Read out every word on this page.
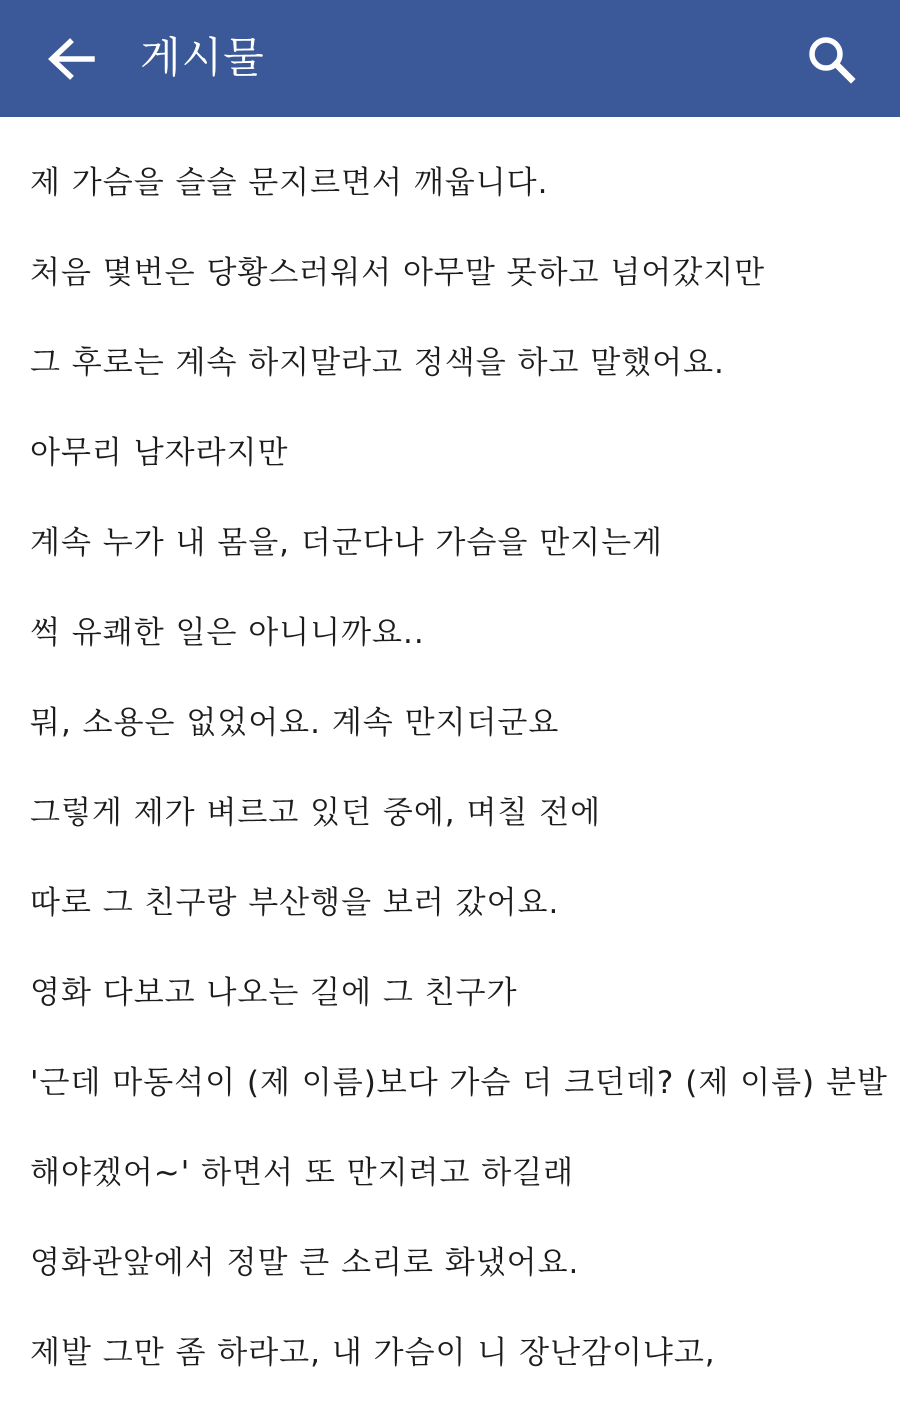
게시물
제 가슴을 슬슬 문지르면서 깨웁니다.
처음 몇번은 당황스러워서 아무말 못하고 넘어갔지만
그 후로는 계속 하지말라고 정색을 하고 말했어요.
아무리 남자라지만
계속 누가 내 몸을, 더군다나 가슴을 만지는게
썩 유쾌한 일은 아니니까요..
뭐, 소용은 없었어요. 계속 만지더군요
그렇게 제가 벼르고 있던 중에, 며칠 전에
따로 그 친구랑 부산행을 보러 갔어요.
영화 다보고 나오는 길에 그 친구가
'근데 마동석이 (제 이름)보다 가슴 더 크던데? (제 이름) 분발
해야겠어~' 하면서 또 만지려고 하길래
영화관앞에서 정말 큰 소리로 화냈어요.
제발 그만 좀 하라고, 내 가슴이 니 장난감이냐고,
